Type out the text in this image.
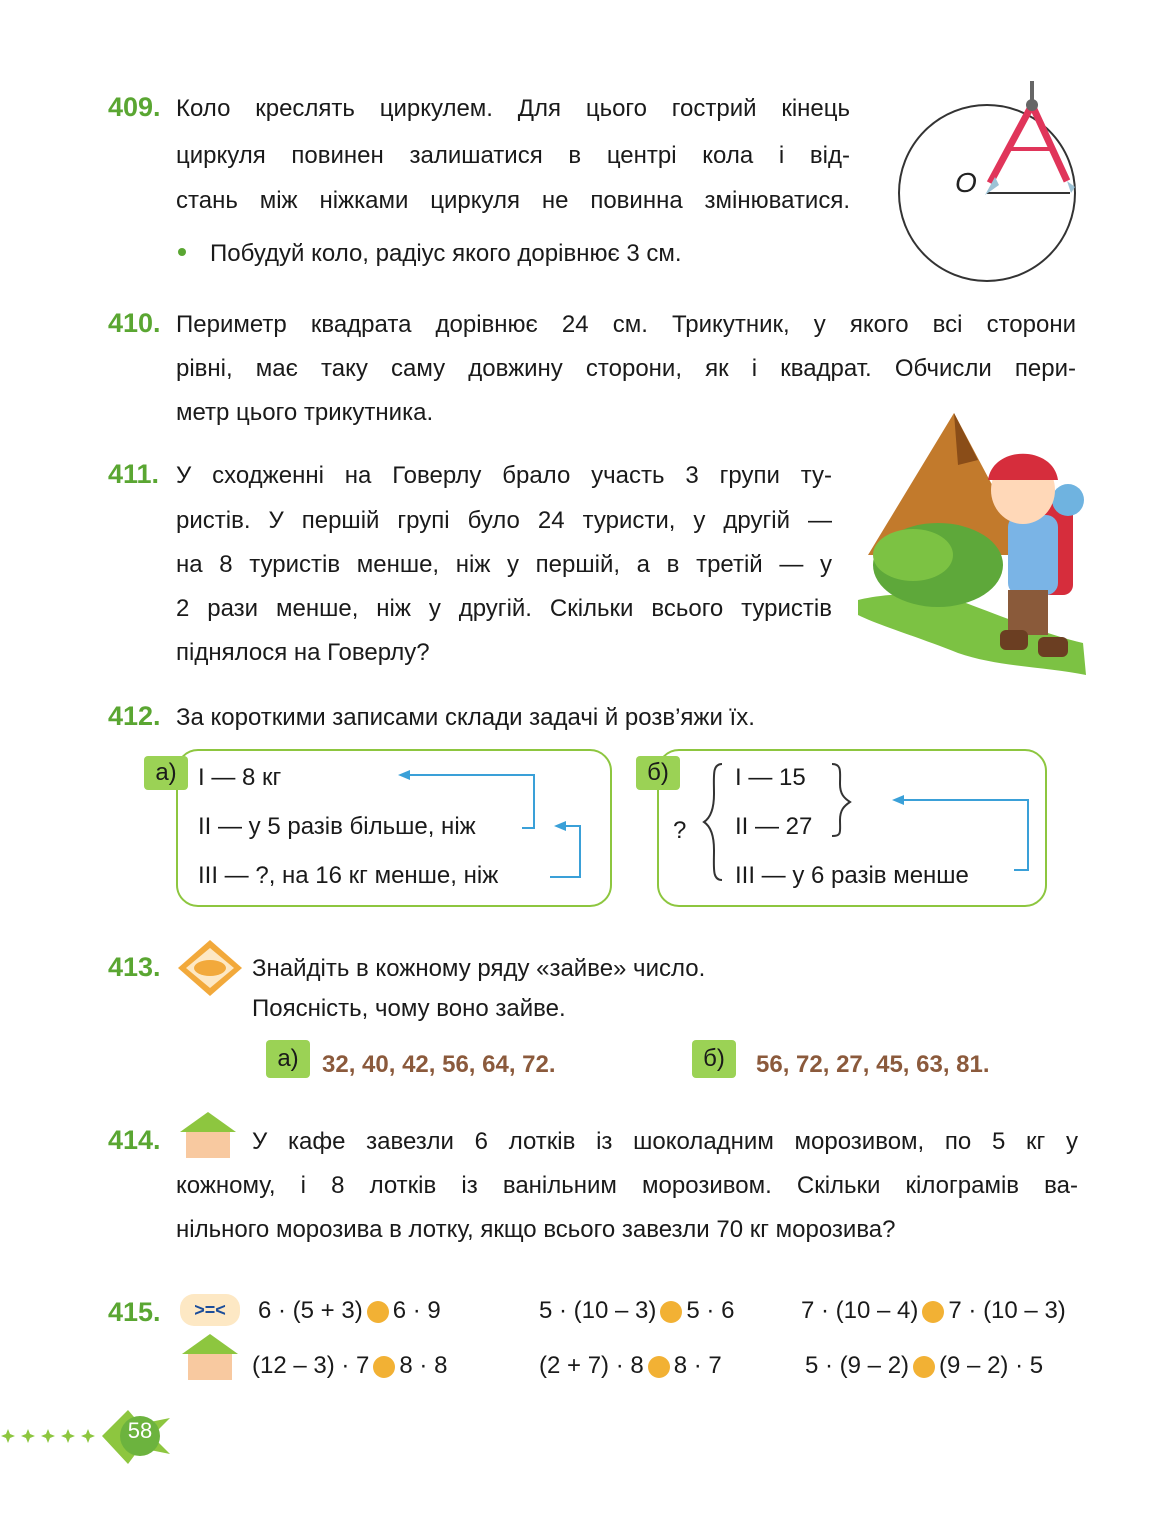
409. Коло креслять циркулем. Для цього гострий кінець
циркуля повинен залишатися в центрі кола і від-
стань між ніжками циркуля не повинна змінюватися.
Побудуй коло, радіус якого дорівнює 3 см.
O
410. Периметр квадрата дорівнює 24 см. Трикутник, у якого всі сторони
рівні, має таку саму довжину сторони, як і квадрат. Обчисли пери-
метр цього трикутника.
411. У сходженні на Говерлу брало участь 3 групи ту-
ристів. У першій групі було 24 туристи, у другій —
на 8 туристів менше, ніж у першій, а в третій — у
2 рази менше, ніж у другій. Скільки всього туристів
піднялося на Говерлу?
412. За короткими записами склади задачі й розв’яжи їх.
а) I — 8 кг
II — у 5 разів більше, ніж
III — ?, на 16 кг менше, ніж
б)
?
I — 15
II — 27
III — у 6 разів менше
413.	Знайдіть в кожному ряду «зайве» число.
Поясність, чому воно зайве.
а) 32, 40, 42, 56, 64, 72.	б)	56, 72, 27, 45, 63, 81.
414.	У кафе завезли 6 лотків із шоколадним морозивом, по 5 кг у
кожному, і 8 лотків із ванільним морозивом. Скільки кілограмів ва-
нільного морозива в лотку, якщо всього завезли 70 кг морозива?
415.	>=<	6 · (5 + 3) 6 · 9	5 · (10 – 3) 5 · 6	7 · (10 – 4) 7 · (10 – 3)
(12 – 3) · 7 8 · 8	(2 + 7) · 8 8 · 7	5 · (9 – 2) (9 – 2) · 5
58
